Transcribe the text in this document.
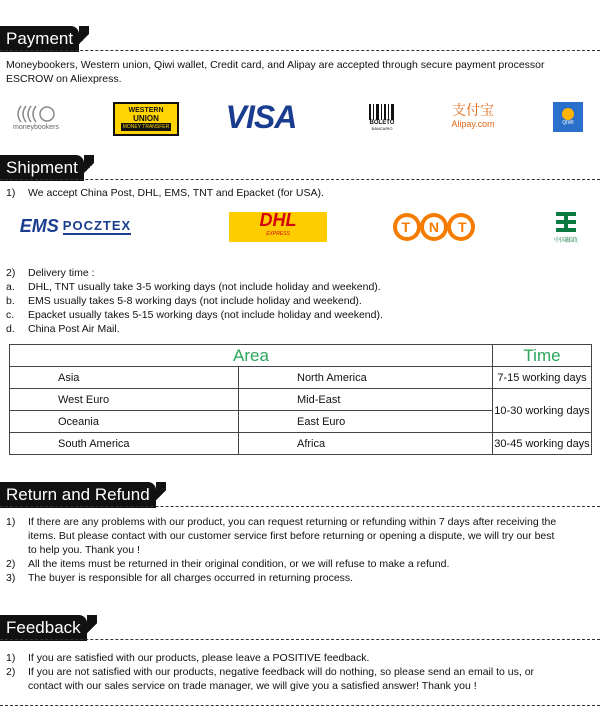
Payment
Moneybookers, Western union, Qiwi wallet, Credit card, and Alipay are accepted through secure payment processor
ESCROW on Aliexpress.
moneybookers
WESTERN
UNION
MONEY TRANSFER VISA	BOLETO
BANCARIO
支付宝
Alipay.com	QIWI
Shipment
1)	We accept China Post, DHL, EMS, TNT and Epacket (for USA).
EMS POCZTEX	DHL
EXPRESS	T N T
中国邮政
2)	Delivery time :
a.	DHL, TNT usually take 3-5 working days (not include holiday and weekend).
b.	EMS usually takes 5-8 working days (not include holiday and weekend).
c.	Epacket usually takes 5-15 working days (not include holiday and weekend).
d.	China Post Air Mail.
Area		Time
Asia	North America	7-15 working days
West Euro	Mid-East	10-30 working days
Oceania	East Euro	
South America	Africa	30-45 working days
Return and Refund
1)	If there are any problems with our product, you can request returning or refunding within 7 days after receiving the
items. But please contact with our customer service first before returning or opening a dispute, we will try our best
to help you. Thank you !
2)	All the items must be returned in their original condition, or we will refuse to make a refund.
3)	The buyer is responsible for all charges occurred in returning process.
Feedback
1)	If you are satisfied with our products, please leave a POSITIVE feedback.
2)	If you are not satisfied with our products, negative feedback will do nothing, so please send an email to us, or
contact with our sales service on trade manager, we will give you a satisfied answer! Thank you !
